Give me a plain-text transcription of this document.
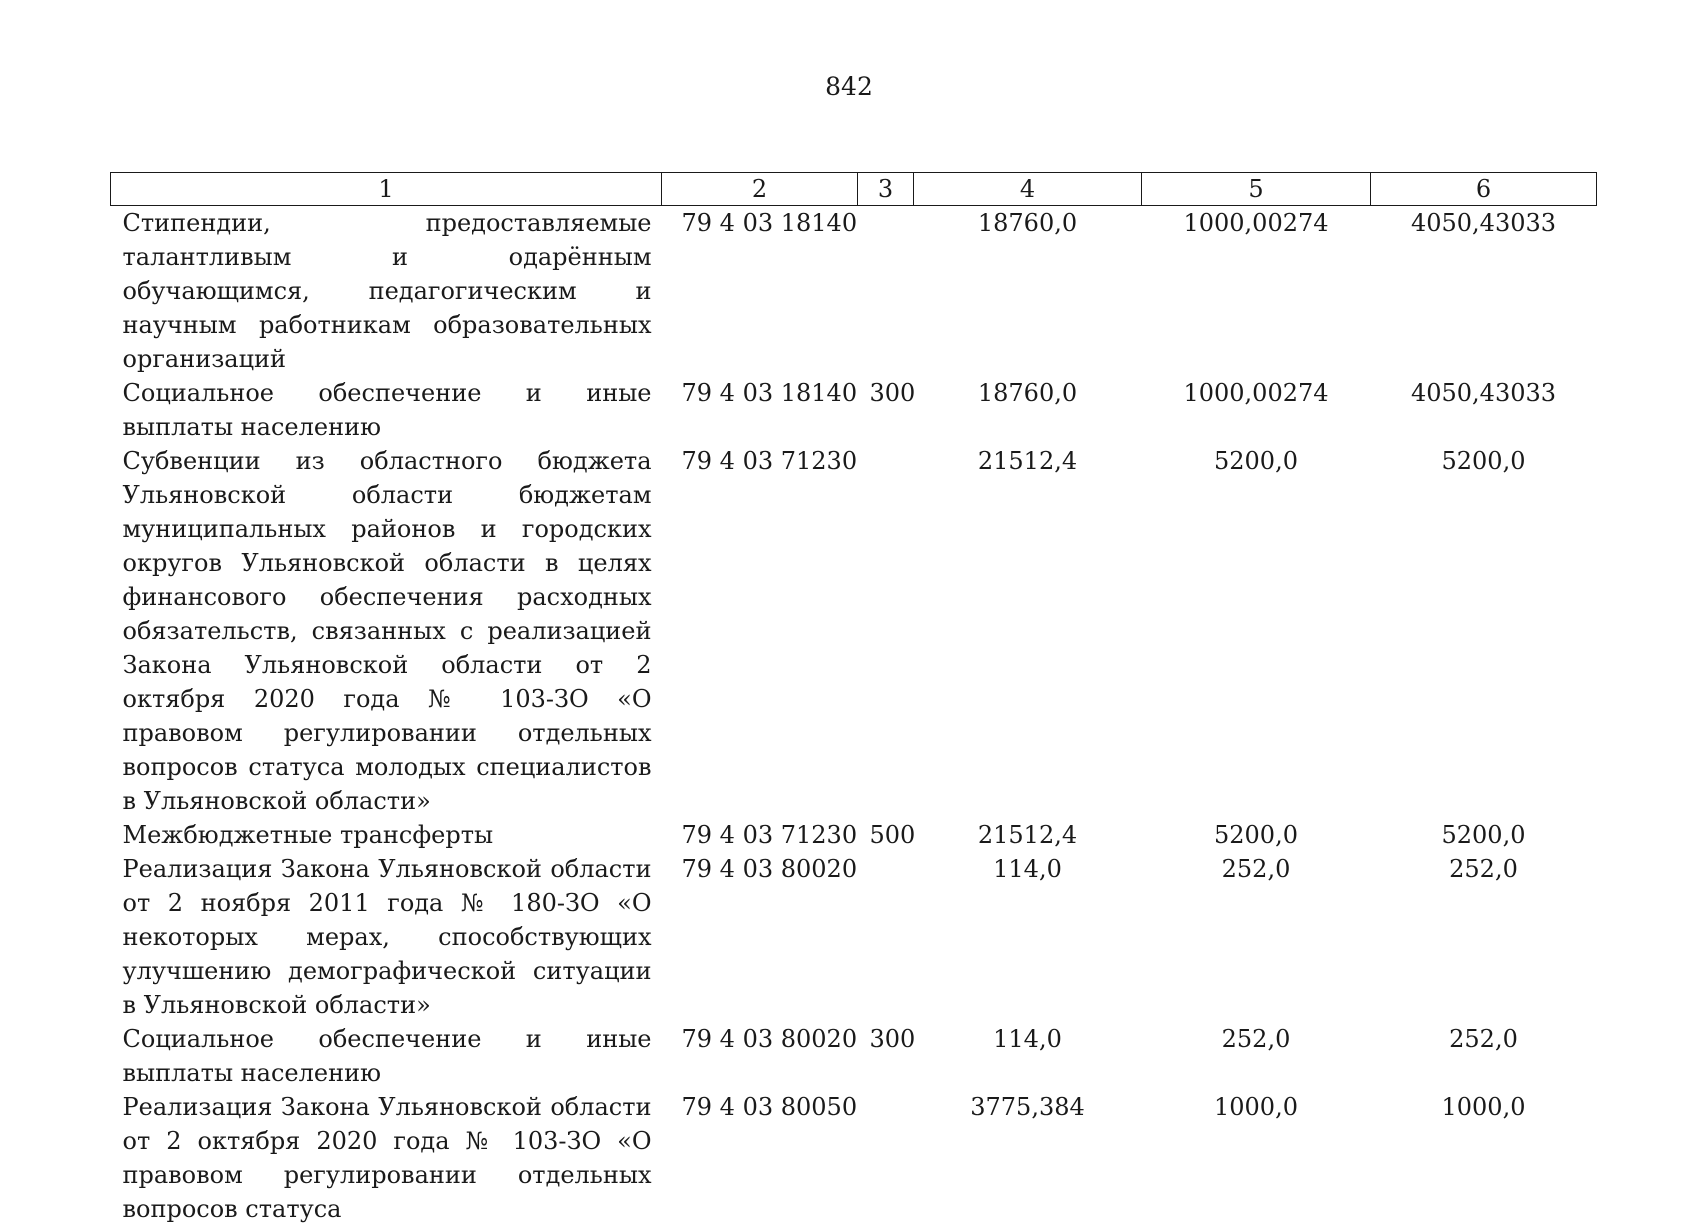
842
1	2	3	4	5	6
Стипендии, предоставляемые талантливым и одарённым обучающимся, педагогическим и научным работникам образовательных организаций	79 4 03 18140		18760,0	1000,00274	4050,43033
Социальное обеспечение и иные выплаты населению	79 4 03 18140	300	18760,0	1000,00274	4050,43033
Субвенции из областного бюджета Ульяновской области бюджетам муниципальных районов и городских округов Ульяновской области в целях финансового обеспечения расходных обязательств, связанных с реализацией Закона Ульяновской области от 2 октября 2020 года № 103-ЗО «О правовом регулировании отдельных вопросов статуса молодых специалистов в Ульяновской области»	79 4 03 71230		21512,4	5200,0	5200,0
Межбюджетные трансферты	79 4 03 71230	500	21512,4	5200,0	5200,0
Реализация Закона Ульяновской области от 2 ноября 2011 года № 180-ЗО «О некоторых мерах, способствующих улучшению демографической ситуации в Ульяновской области»	79 4 03 80020		114,0	252,0	252,0
Социальное обеспечение и иные выплаты населению	79 4 03 80020	300	114,0	252,0	252,0
Реализация Закона Ульяновской области от 2 октября 2020 года № 103-ЗО «О правовом регулировании отдельных вопросов статуса	79 4 03 80050		3775,384	1000,0	1000,0
